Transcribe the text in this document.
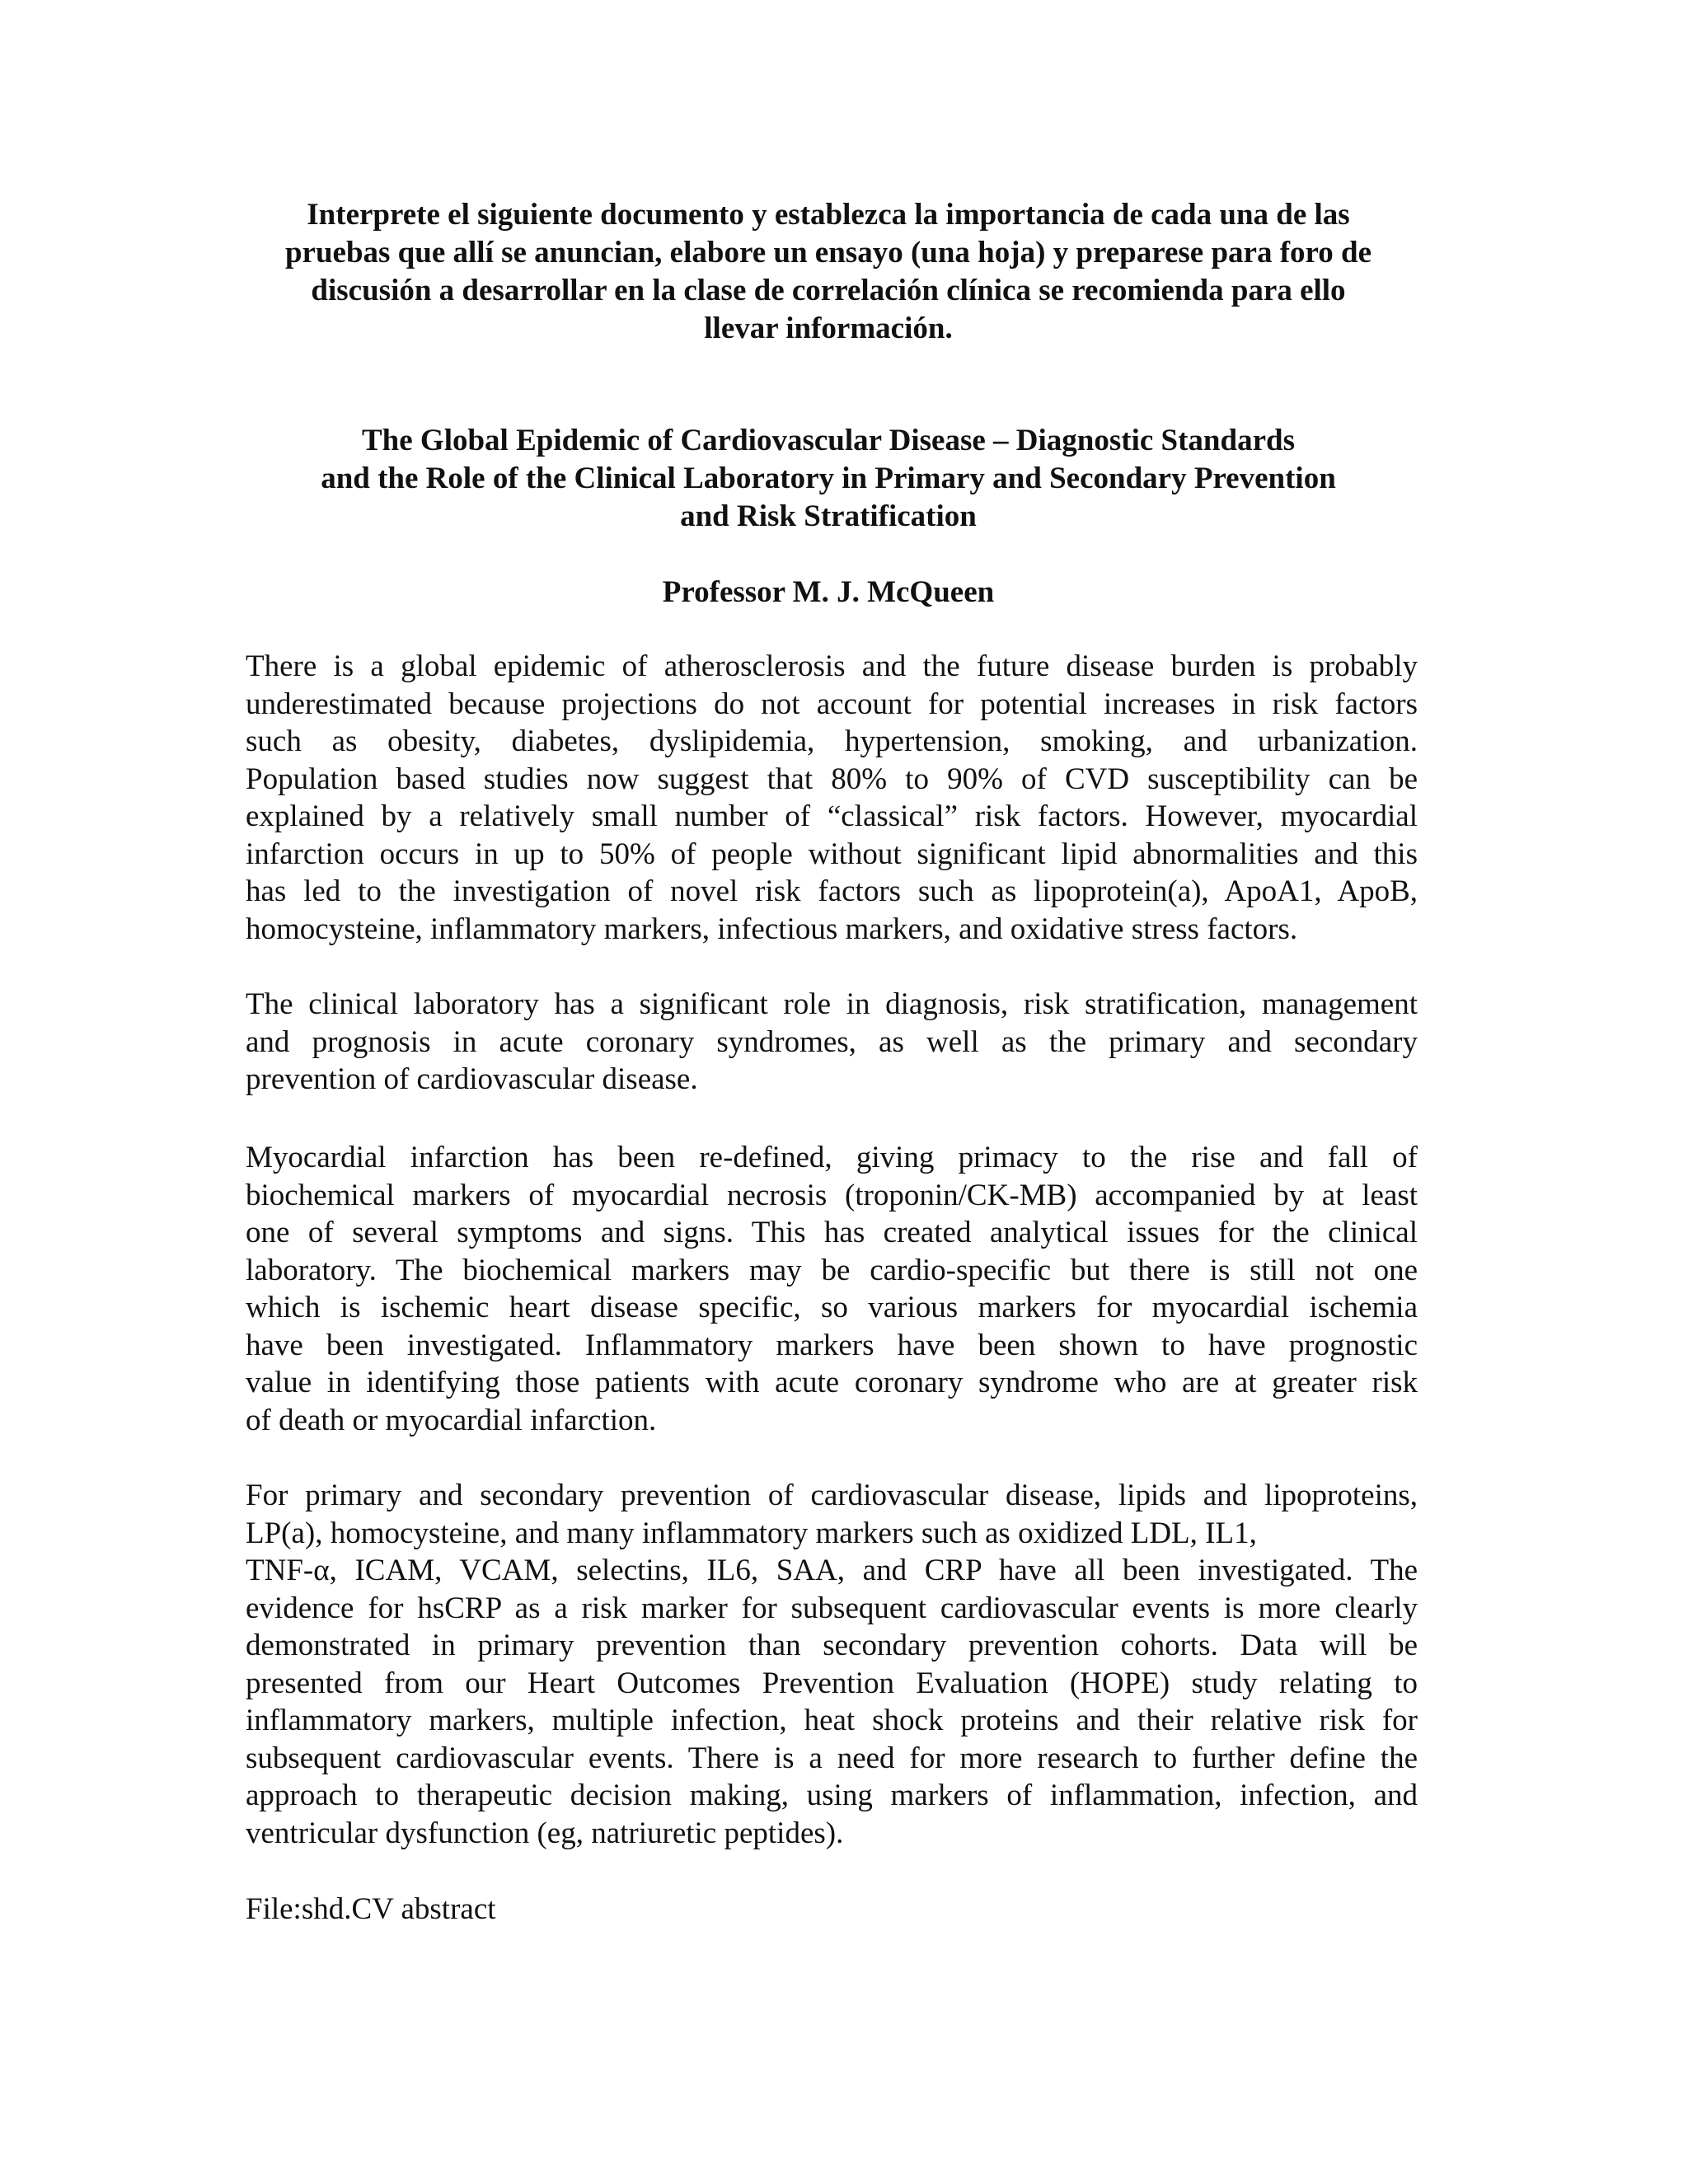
Interprete el siguiente documento y establezca la importancia de cada una de las
pruebas que allí se anuncian, elabore un ensayo (una hoja) y preparese para foro de
discusión a desarrollar en la clase de correlación clínica se recomienda para ello
llevar información.
The Global Epidemic of Cardiovascular Disease – Diagnostic Standards
and the Role of the Clinical Laboratory in Primary and Secondary Prevention
and Risk Stratification
Professor M. J. McQueen
There is a global epidemic of atherosclerosis and the future disease burden is probably
underestimated because projections do not account for potential increases in risk factors
such as obesity, diabetes, dyslipidemia, hypertension, smoking, and urbanization.
Population based studies now suggest that 80% to 90% of CVD susceptibility can be
explained by a relatively small number of “classical” risk factors. However, myocardial
infarction occurs in up to 50% of people without significant lipid abnormalities and this
has led to the investigation of novel risk factors such as lipoprotein(a), ApoA1, ApoB,
homocysteine, inflammatory markers, infectious markers, and oxidative stress factors.
The clinical laboratory has a significant role in diagnosis, risk stratification, management
and prognosis in acute coronary syndromes, as well as the primary and secondary
prevention of cardiovascular disease.
Myocardial infarction has been re-defined, giving primacy to the rise and fall of
biochemical markers of myocardial necrosis (troponin/CK-MB) accompanied by at least
one of several symptoms and signs. This has created analytical issues for the clinical
laboratory. The biochemical markers may be cardio-specific but there is still not one
which is ischemic heart disease specific, so various markers for myocardial ischemia
have been investigated. Inflammatory markers have been shown to have prognostic
value in identifying those patients with acute coronary syndrome who are at greater risk
of death or myocardial infarction.
For primary and secondary prevention of cardiovascular disease, lipids and lipoproteins,
LP(a), homocysteine, and many inflammatory markers such as oxidized LDL, IL1,
TNF-α, ICAM, VCAM, selectins, IL6, SAA, and CRP have all been investigated. The
evidence for hsCRP as a risk marker for subsequent cardiovascular events is more clearly
demonstrated in primary prevention than secondary prevention cohorts. Data will be
presented from our Heart Outcomes Prevention Evaluation (HOPE) study relating to
inflammatory markers, multiple infection, heat shock proteins and their relative risk for
subsequent cardiovascular events. There is a need for more research to further define the
approach to therapeutic decision making, using markers of inflammation, infection, and
ventricular dysfunction (eg, natriuretic peptides).
File:shd.CV abstract
